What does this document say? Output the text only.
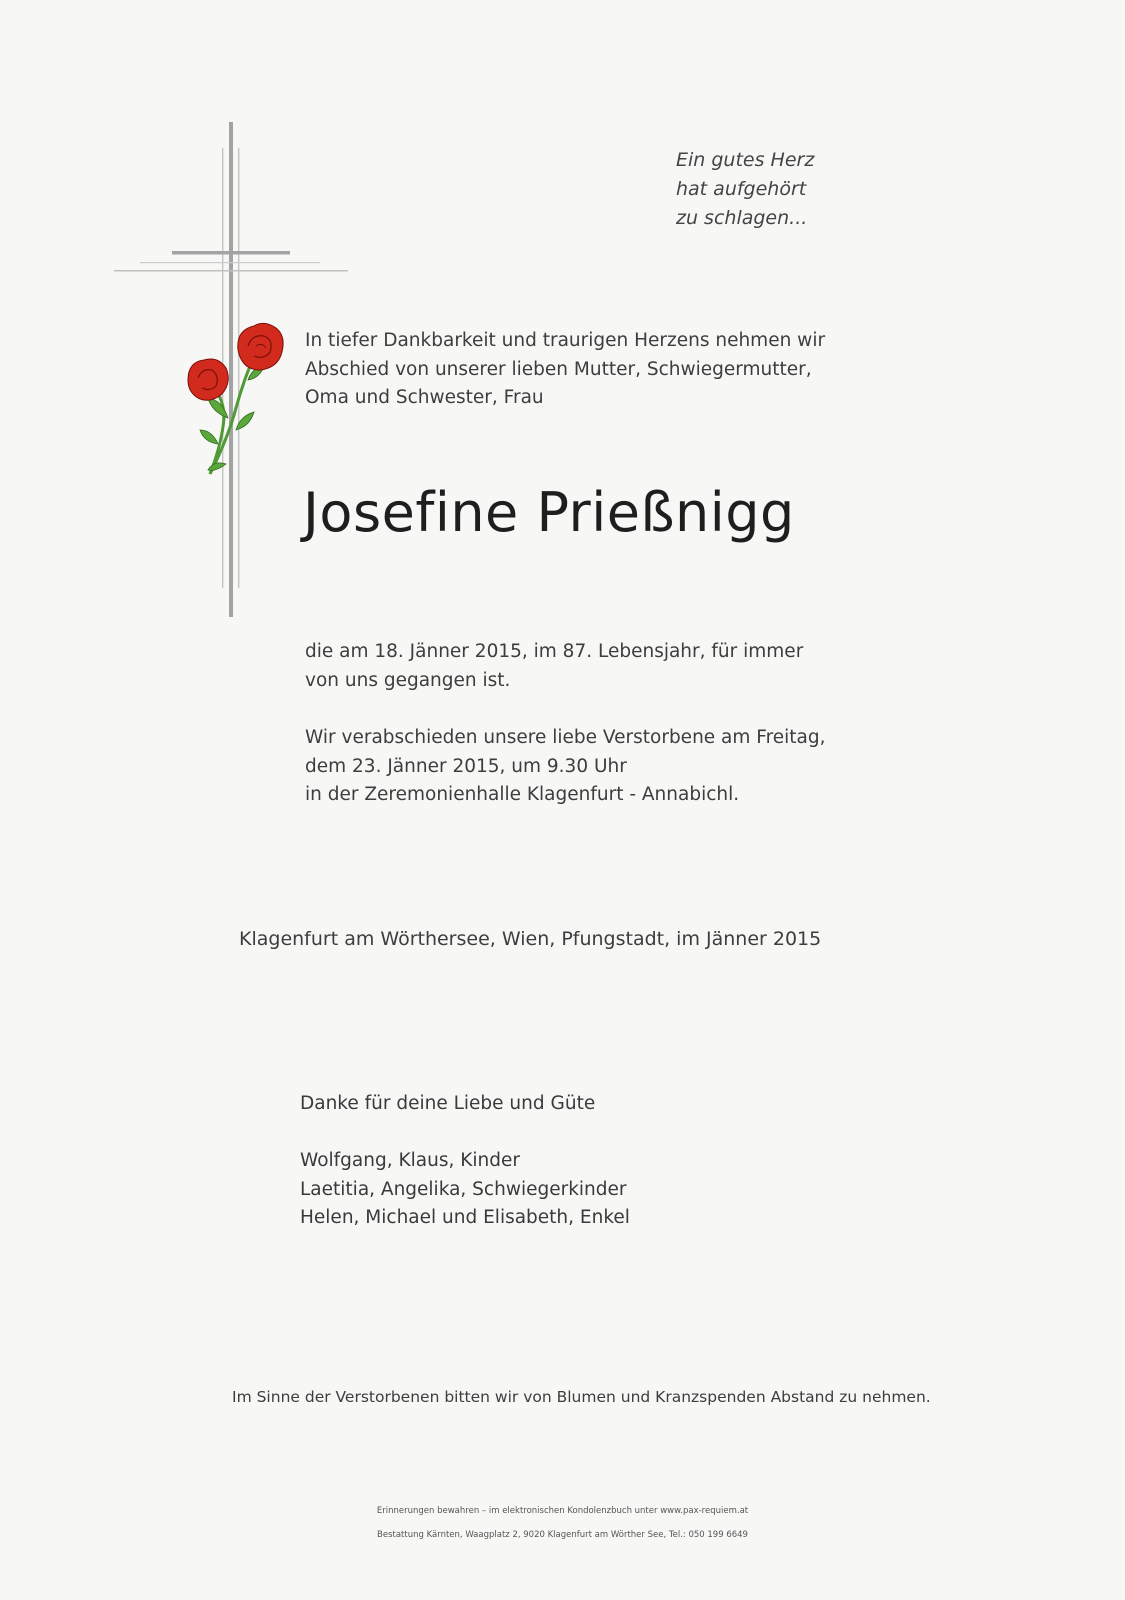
Ein gutes Herz
hat aufgehört
zu schlagen...
In tiefer Dankbarkeit und traurigen Herzens nehmen wir
Abschied von unserer lieben Mutter, Schwiegermutter,
Oma und Schwester, Frau
Josefine Prießnigg
die am 18. Jänner 2015, im 87. Lebensjahr, für immer
von uns gegangen ist.
Wir verabschieden unsere liebe Verstorbene am Freitag,
dem 23. Jänner 2015, um 9.30 Uhr
in der Zeremonienhalle Klagenfurt - Annabichl.
Klagenfurt am Wörthersee, Wien, Pfungstadt, im Jänner 2015
Danke für deine Liebe und Güte
Wolfgang, Klaus, Kinder
Laetitia, Angelika, Schwiegerkinder
Helen, Michael und Elisabeth, Enkel
Im Sinne der Verstorbenen bitten wir von Blumen und Kranzspenden Abstand zu nehmen.
Erinnerungen bewahren – im elektronischen Kondolenzbuch unter www.pax-requiem.at
Bestattung Kärnten, Waagplatz 2, 9020 Klagenfurt am Wörther See, Tel.: 050 199 6649
